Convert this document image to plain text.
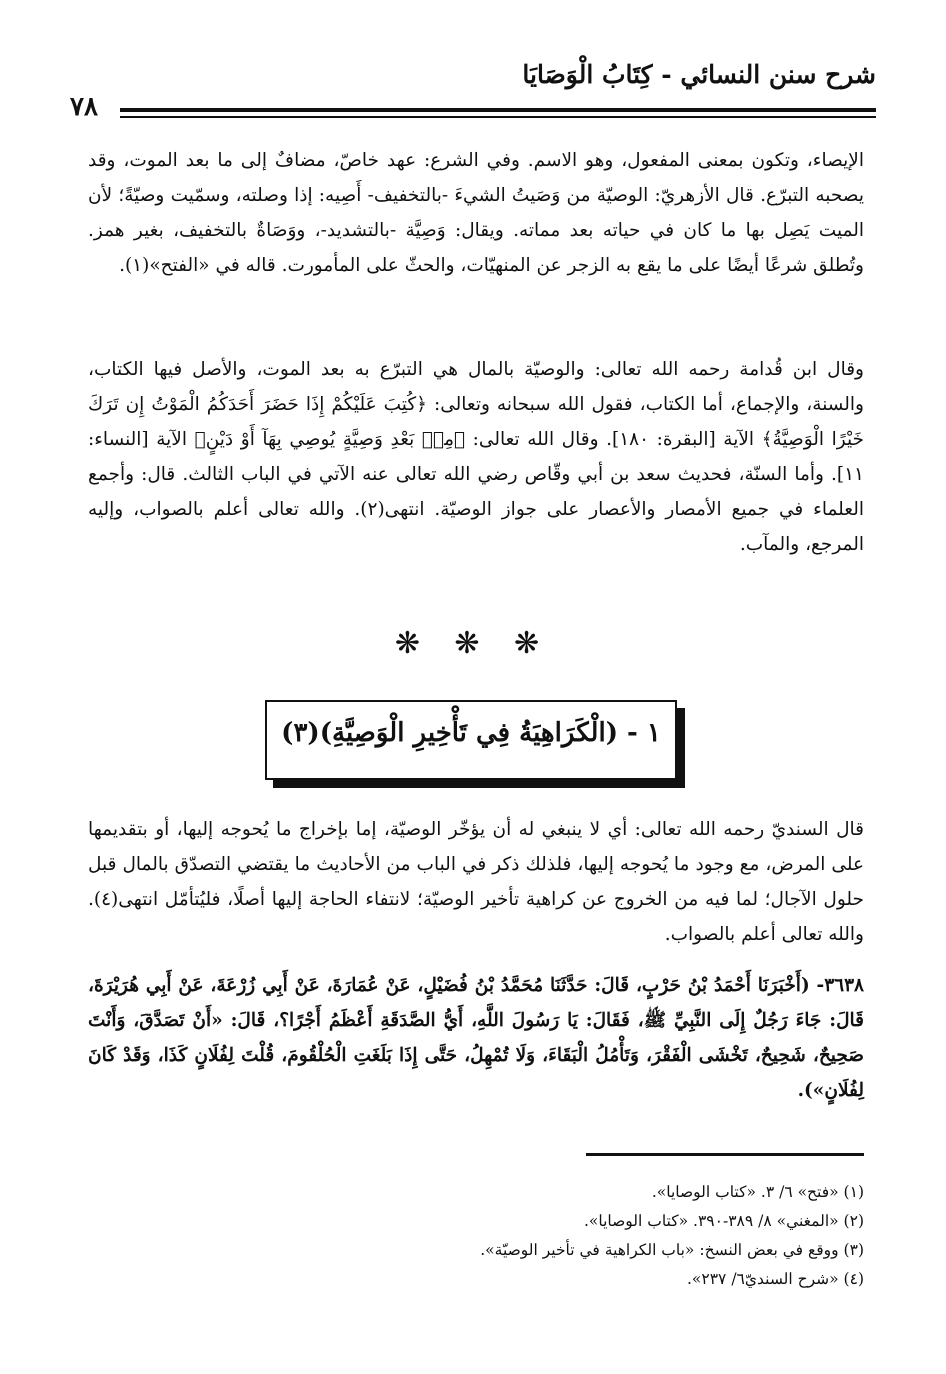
شرح سنن النسائي - كِتَابُ الْوَصَايَا
٧٨

الإيصاء، وتكون بمعنى المفعول، وهو الاسم. وفي الشرع: عهد خاصّ، مضافٌ إلى ما بعد الموت، وقد يصحبه التبرّع. قال الأزهريّ: الوصيّة من وَصَيتُ الشيءَ -بالتخفيف- أَصِيه: إذا وصلته، وسمّيت وصيّةً؛ لأن الميت يَصِل بها ما كان في حياته بعد مماته. ويقال: وَصِيَّة -بالتشديد-، ووَصَاةٌ بالتخفيف، بغير همز. وتُطلق شرعًا أيضًا على ما يقع به الزجر عن المنهيّات، والحثّ على المأمورت. قاله في «الفتح»(١).

وقال ابن قُدامة رحمه الله تعالى: والوصيّة بالمال هي التبرّع به بعد الموت، والأصل فيها الكتاب، والسنة، والإجماع، أما الكتاب، فقول الله سبحانه وتعالى: ﴿كُتِبَ عَلَيْكُمْ إِذَا حَضَرَ أَحَدَكُمُ الْمَوْتُ إِن تَرَكَ خَيْرًا الْوَصِيَّةُ﴾ الآية [البقرة: ١٨٠]. وقال الله تعالى: ﴿مِنۢ بَعْدِ وَصِيَّةٍ يُوصِي بِهَآ أَوْ دَيْنٍ﴾ الآية [النساء: ١١]. وأما السنّة، فحديث سعد بن أبي وقّاص رضي الله تعالى عنه الآتي في الباب الثالث. قال: وأجمع العلماء في جميع الأمصار والأعصار على جواز الوصيّة. انتهى(٢). والله تعالى أعلم بالصواب، وإليه المرجع، والمآب.

❋ ❋ ❋
١ - (الْكَرَاهِيَةُ فِي تَأْخِيرِ الْوَصِيَّةِ)(٣)

قال السنديّ رحمه الله تعالى: أي لا ينبغي له أن يؤخّر الوصيّة، إما بإخراج ما يُحوجه إليها، أو بتقديمها على المرض، مع وجود ما يُحوجه إليها، فلذلك ذكر في الباب من الأحاديث ما يقتضي التصدّق بالمال قبل حلول الآجال؛ لما فيه من الخروج عن كراهية تأخير الوصيّة؛ لانتفاء الحاجة إليها أصلًا، فليُتأمّل انتهى(٤). والله تعالى أعلم بالصواب.

٣٦٣٨- (أَخْبَرَنَا أَحْمَدُ بْنُ حَرْبٍ، قَالَ: حَدَّثَنَا مُحَمَّدُ بْنُ فُضَيْلٍ، عَنْ عُمَارَةَ، عَنْ أَبِي زُرْعَةَ، عَنْ أَبِي هُرَيْرَةَ، قَالَ: جَاءَ رَجُلٌ إِلَى النَّبِيِّ ﷺ، فَقَالَ: يَا رَسُولَ اللَّهِ، أَيُّ الصَّدَقَةِ أَعْظَمُ أَجْرًا؟، قَالَ: «أَنْ تَصَدَّقَ، وَأَنْتَ صَحِيحٌ، شَحِيحٌ، تَخْشَى الْفَقْرَ، وَتَأْمُلُ الْبَقَاءَ، وَلَا تُمْهِلُ، حَتَّى إِذَا بَلَغَتِ الْحُلْقُومَ، قُلْتَ لِفُلَانٍ كَذَا، وَقَدْ كَانَ لِفُلَانٍ»).

(١) «فتح» ٦/ ٣. «كتاب الوصايا».

(٢) «المغني» ٨/ ٣٨٩-٣٩٠. «كتاب الوصايا».

(٣) ووقع في بعض النسخ: «باب الكراهية في تأخير الوصيّة».

(٤) «شرح السنديّ٦/ ٢٣٧».
